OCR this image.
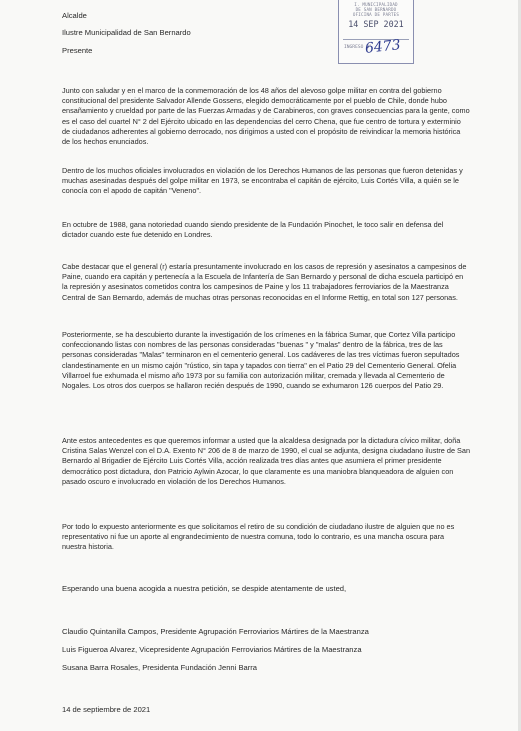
Alcalde
Ilustre Municipalidad de San Bernardo
Presente
I. MUNICIPALIDAD
DE SAN BERNARDO
OFICINA DE PARTES
14 SEP 2021
INGRESO N°
6473

Junto con saludar y en el marco de la conmemoración de los 48 años del alevoso golpe militar en contra del gobierno constitucional del presidente Salvador Allende Gossens, elegido democráticamente por el pueblo de Chile, donde hubo ensañamiento y crueldad por parte de las Fuerzas Armadas y de Carabineros, con graves consecuencias para la gente, como es el caso del cuartel N° 2 del Ejército ubicado en las dependencias del cerro Chena, que fue centro de tortura y exterminio de ciudadanos adherentes al gobierno derrocado, nos dirigimos a usted con el propósito de reivindicar la memoria histórica de los hechos enunciados.

Dentro de los muchos oficiales involucrados en violación de los Derechos Humanos de las personas que fueron detenidas y muchas asesinadas después del golpe militar en 1973, se encontraba el capitán de ejército, Luis Cortés Villa, a quién se le conocía con el apodo de capitán "Veneno".

En octubre de 1988, gana notoriedad cuando siendo presidente de la Fundación Pinochet, le toco salir en defensa del dictador cuando este fue detenido en Londres.

Cabe destacar que el general (r) estaría presuntamente involucrado en los casos de represión y asesinatos a campesinos de Paine, cuando era capitán y pertenecía a la Escuela de Infantería de San Bernardo y personal de dicha escuela participó en la represión y asesinatos cometidos contra los campesinos de Paine y los 11 trabajadores ferroviarios de la Maestranza Central de San Bernardo, además de muchas otras personas reconocidas en el Informe Rettig, en total son 127 personas.

Posteriormente, se ha descubierto durante la investigación de los crímenes en la fábrica Sumar, que Cortez Villa participo confeccionando listas con nombres de las personas consideradas "buenas " y "malas" dentro de la fábrica, tres de las personas consideradas "Malas" terminaron en el cementerio general. Los cadáveres de las tres víctimas fueron sepultados clandestinamente en un mismo cajón "rústico, sin tapa y tapados con tierra" en el Patio 29 del Cementerio General. Ofelia Villarroel fue exhumada el mismo año 1973 por su familia con autorización militar, cremada y llevada al Cementerio de Nogales. Los otros dos cuerpos se hallaron recién después de 1990, cuando se exhumaron 126 cuerpos del Patio 29.

Ante estos antecedentes es que queremos informar a usted que la alcaldesa designada por la dictadura cívico militar, doña Cristina Salas Wenzel con el D.A. Exento N° 206 de 8 de marzo de 1990, el cual se adjunta, designa ciudadano ilustre de San Bernardo al Brigadier de Ejército Luis Cortés Villa, acción realizada tres días antes que asumiera el primer presidente democrático post dictadura, don Patricio Aylwin Azocar, lo que claramente es una maniobra blanqueadora de alguien con pasado oscuro e involucrado en violación de los Derechos Humanos.

Por todo lo expuesto anteriormente es que solicitamos el retiro de su condición de ciudadano ilustre de alguien que no es representativo ni fue un aporte al engrandecimiento de nuestra comuna, todo lo contrario, es una mancha oscura para nuestra historia.

Esperando una buena acogida a nuestra petición, se despide atentamente de usted,
Claudio Quintanilla Campos, Presidente Agrupación Ferroviarios Mártires de la Maestranza
Luis Figueroa Alvarez, Vicepresidente Agrupación Ferroviarios Mártires de la Maestranza
Susana Barra Rosales, Presidenta Fundación Jenni Barra
14 de septiembre de 2021
